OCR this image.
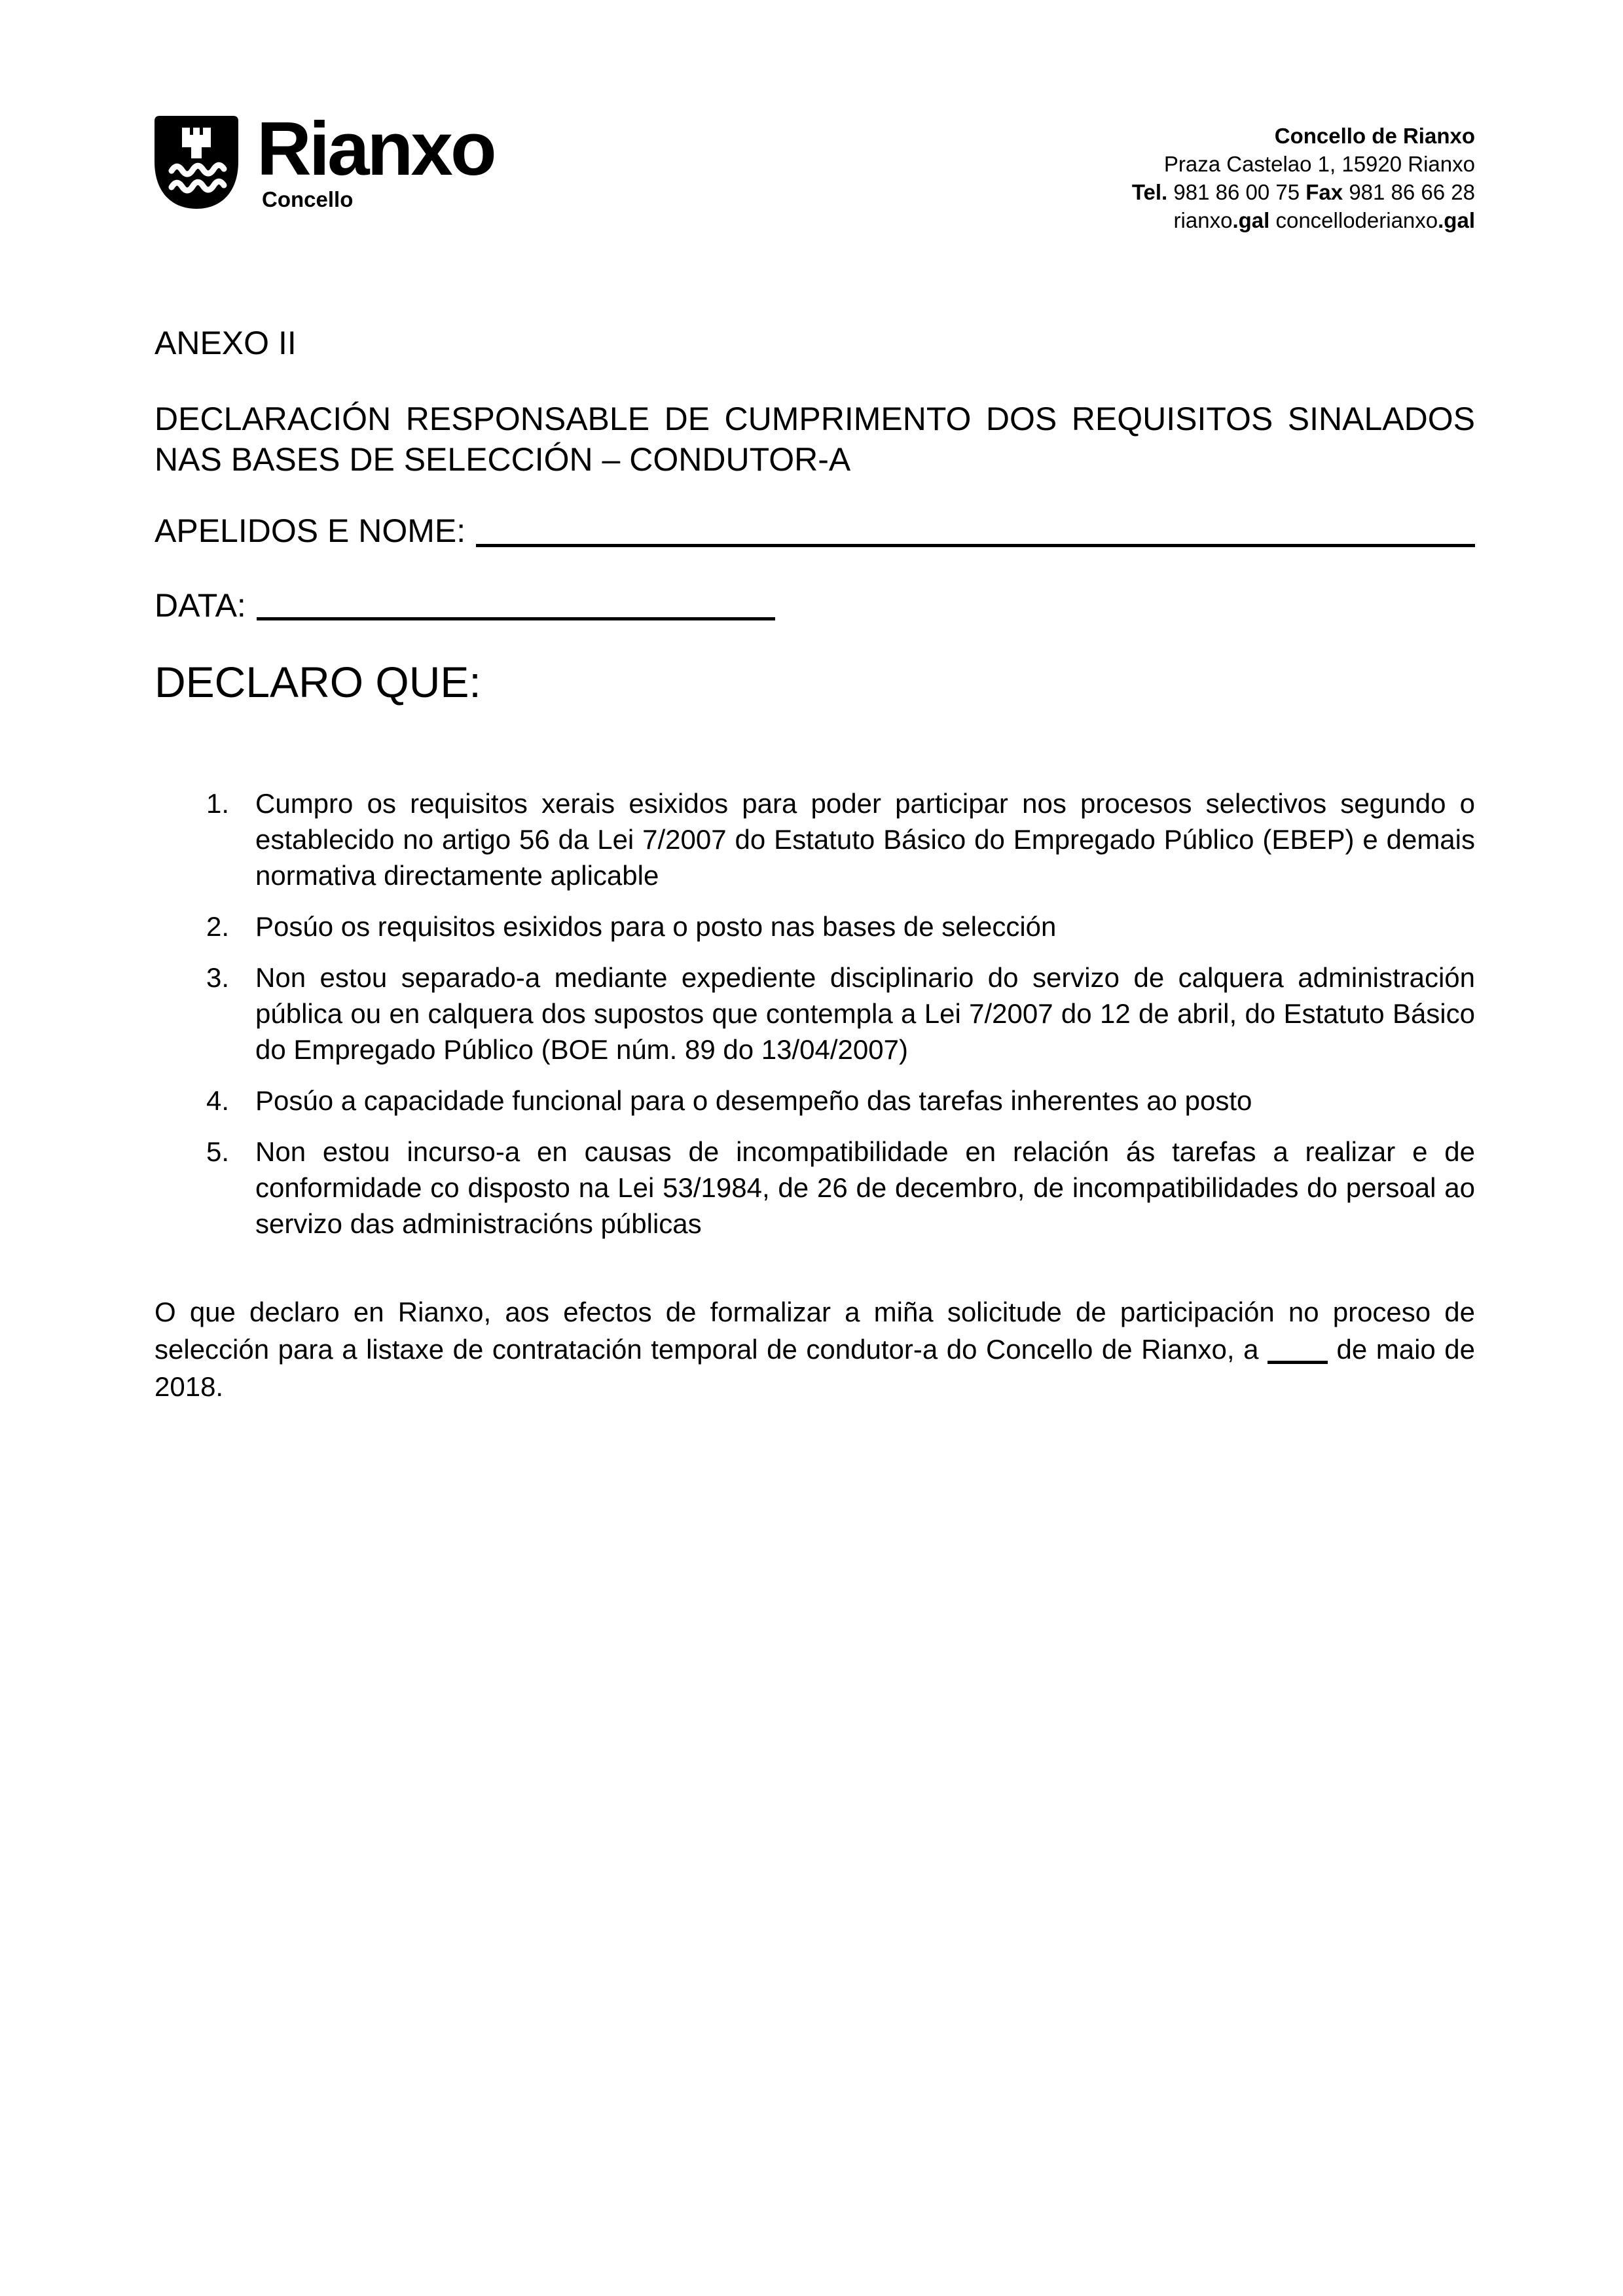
Rianxo
Concello
Concello de Rianxo
Praza Castelao 1, 15920 Rianxo
Tel. 981 86 00 75 Fax 981 86 66 28
rianxo.gal concelloderianxo.gal
ANEXO II
DECLARACIÓN RESPONSABLE DE CUMPRIMENTO DOS REQUISITOS SINALADOS
NAS BASES DE SELECCIÓN – CONDUTOR-A
APELIDOS E NOME:
DATA:
DECLARO QUE:
1. Cumpro os requisitos xerais esixidos para poder participar nos procesos selectivos segundo o establecido no artigo 56 da Lei 7/2007 do Estatuto Básico do Empregado Público (EBEP) e demais normativa directamente aplicable
2. Posúo os requisitos esixidos para o posto nas bases de selección
3. Non estou separado-a mediante expediente disciplinario do servizo de calquera administración pública ou en calquera dos supostos que contempla a Lei 7/2007 do 12 de abril, do Estatuto Básico do Empregado Público (BOE núm. 89 do 13/04/2007)
4. Posúo a capacidade funcional para o desempeño das tarefas inherentes ao posto
5. Non estou incurso-a en causas de incompatibilidade en relación ás tarefas a realizar e de conformidade co disposto na Lei 53/1984, de 26 de decembro, de incompatibilidades do persoal ao servizo das administracións públicas

O que declaro en Rianxo, aos efectos de formalizar a miña solicitude de participación no proceso de selección para a listaxe de contratación temporal de condutor-a do Concello de Rianxo, a	de maio de 2018.
